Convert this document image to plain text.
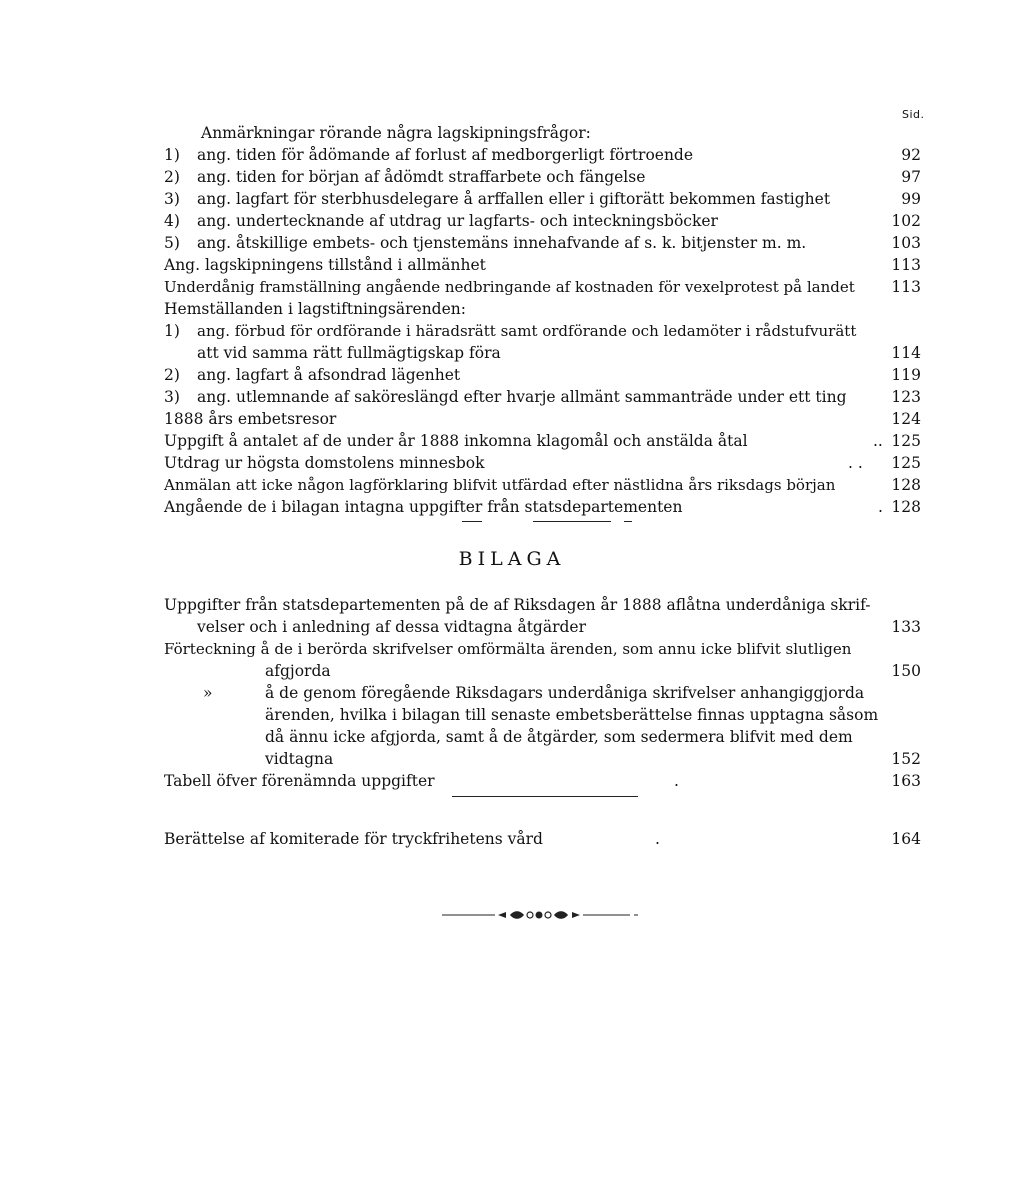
Sid.
Anmärkningar rörande några lagskipningsfrågor:
1) ang. tiden för ådömande af forlust af medborgerligt förtroende	92
2) ang. tiden for början af ådömdt straffarbete och fängelse	97
3) ang. lagfart för sterbhusdelegare å arffallen eller i giftorätt bekommen fastighet	99
4) ang. undertecknande af utdrag ur lagfarts- och inteckningsböcker	102
5) ang. åtskillige embets- och tjenstemäns innehafvande af s. k. bitjenster m. m.	103
Ang. lagskipningens tillstånd i allmänhet	113
Underdånig framställning angående nedbringande af kostnaden för vexelprotest på landet 113
Hemställanden i lagstiftningsärenden:
1) ang. förbud för ordförande i häradsrätt samt ordförande och ledamöter i rådstufvurätt
att vid samma rätt fullmägtigskap föra	114
2) ang. lagfart å afsondrad lägenhet	119
3) ang. utlemnande af saköreslängd efter hvarje allmänt sammanträde under ett ting	123
1888 års embetsresor	124
Uppgift å antalet af de under år 1888 inkomna klagomål och anstälda åtal	.. 125
Utdrag ur högsta domstolens minnesbok	. . 125
Anmälan att icke någon lagförklaring blifvit utfärdad efter nästlidna års riksdags början	128
Angående de i bilagan intagna uppgifter från statsdepartementen	. 128
BILAGA
Uppgifter från statsdepartementen på de af Riksdagen år 1888 aflåtna underdåniga skrif-
velser och i anledning af dessa vidtagna åtgärder	133
Förteckning å de i berörda skrifvelser omförmälta ärenden, som annu icke blifvit slutligen
afgjorda	150
»	å de genom föregående Riksdagars underdåniga skrifvelser anhangiggjorda
ärenden, hvilka i bilagan till senaste embetsberättelse finnas upptagna såsom
då ännu icke afgjorda, samt å de åtgärder, som sedermera blifvit med dem
vidtagna	152
Tabell öfver förenämnda uppgifter	.	163
Berättelse af komiterade för tryckfrihetens vård	.	164
